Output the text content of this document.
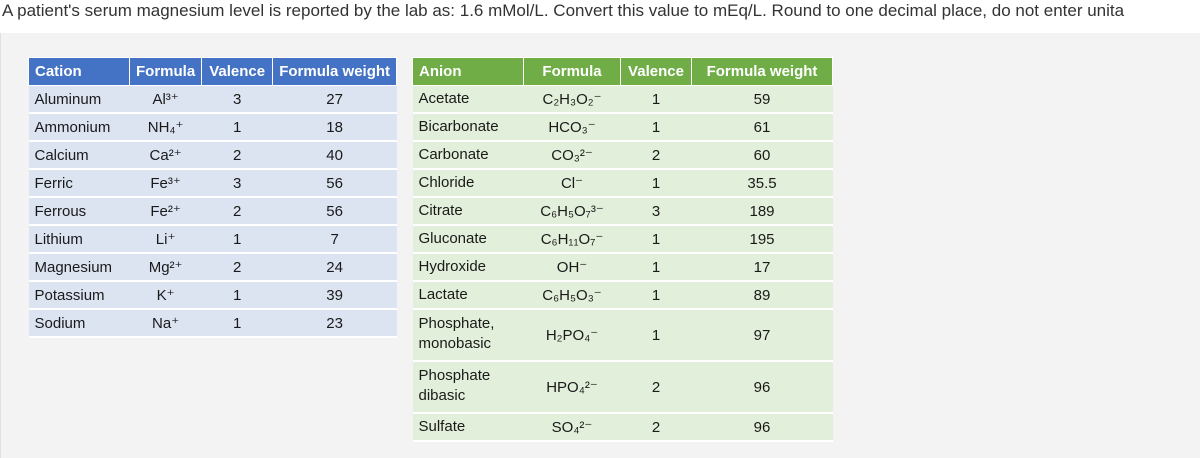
A patient's serum magnesium level is reported by the lab as: 1.6 mMol/L. Convert this value to mEq/L. Round to one decimal place, do not enter unita
Cation	Formula	Valence	Formula weight
Aluminum	Al³⁺	3	27
Ammonium	NH₄⁺	1	18
Calcium	Ca²⁺	2	40
Ferric	Fe³⁺	3	56
Ferrous	Fe²⁺	2	56
Lithium	Li⁺	1	7
Magnesium	Mg²⁺	2	24
Potassium	K⁺	1	39
Sodium	Na⁺	1	23
Anion	Formula	Valence	Formula weight
Acetate	C₂H₃O₂⁻	1	59
Bicarbonate	HCO₃⁻	1	61
Carbonate	CO₃²⁻	2	60
Chloride	Cl⁻	1	35.5
Citrate	C₆H₅O₇³⁻	3	189
Gluconate	C₆H₁₁O₇⁻	1	195
Hydroxide	OH⁻	1	17
Lactate	C₆H₅O₃⁻	1	89
Phosphate, monobasic	H₂PO₄⁻	1	97
Phosphate dibasic	HPO₄²⁻	2	96
Sulfate	SO₄²⁻	2	96
